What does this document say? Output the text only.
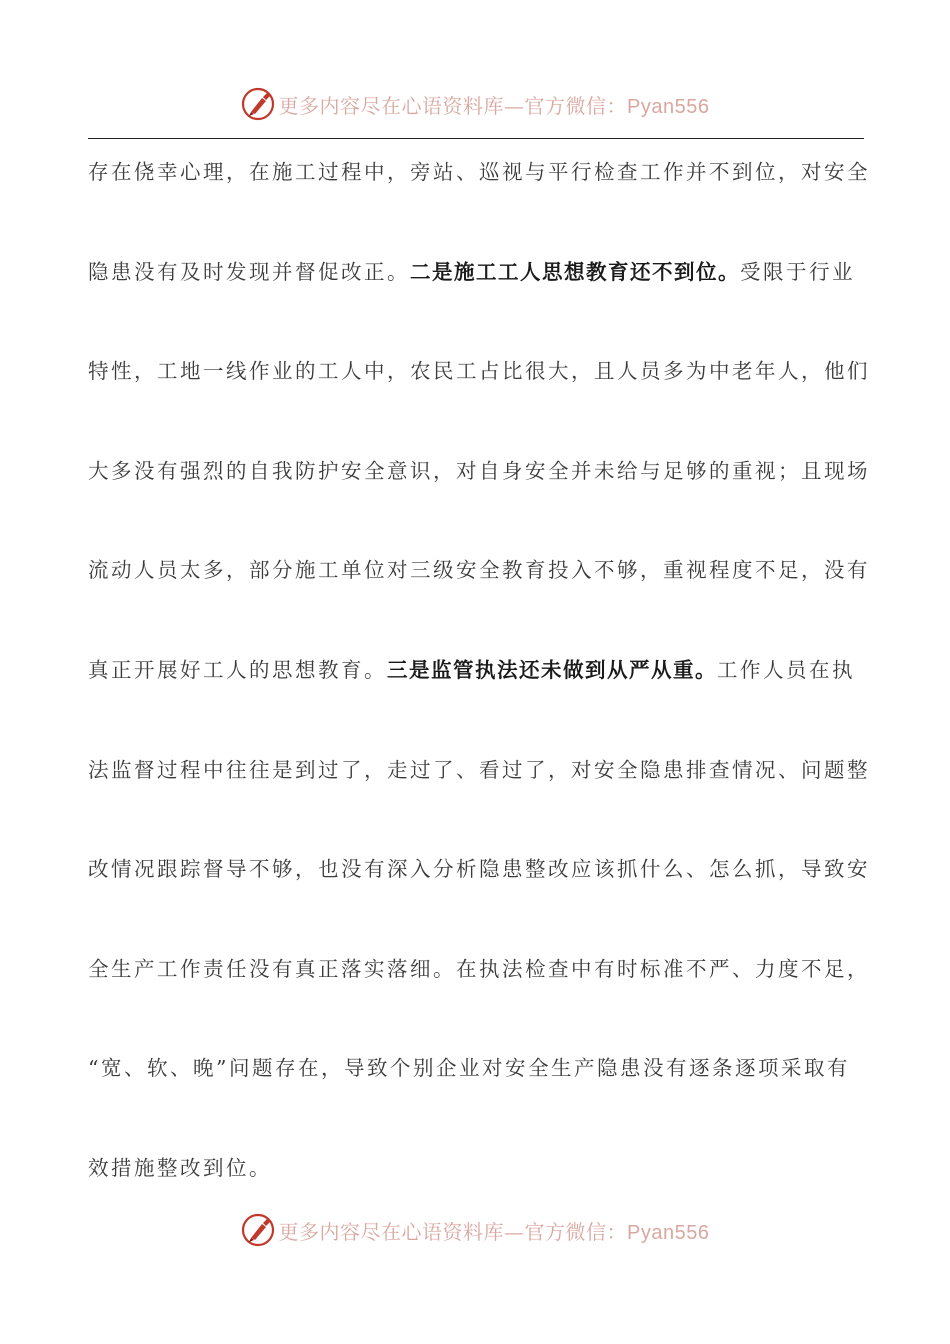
更多内容尽在心语资料库—官方微信：Pyan556
存在侥幸心理，在施工过程中，旁站、巡视与平行检查工作并不到位，对安全
隐患没有及时发现并督促改正。二是施工工人思想教育还不到位。受限于行业
特性，工地一线作业的工人中，农民工占比很大，且人员多为中老年人，他们
大多没有强烈的自我防护安全意识，对自身安全并未给与足够的重视；且现场
流动人员太多，部分施工单位对三级安全教育投入不够，重视程度不足，没有
真正开展好工人的思想教育。三是监管执法还未做到从严从重。工作人员在执
法监督过程中往往是到过了，走过了、看过了，对安全隐患排查情况、问题整
改情况跟踪督导不够，也没有深入分析隐患整改应该抓什么、怎么抓，导致安
全生产工作责任没有真正落实落细。在执法检查中有时标准不严、力度不足，
“宽、软、晚”问题存在，导致个别企业对安全生产隐患没有逐条逐项采取有
效措施整改到位。
更多内容尽在心语资料库—官方微信：Pyan556
